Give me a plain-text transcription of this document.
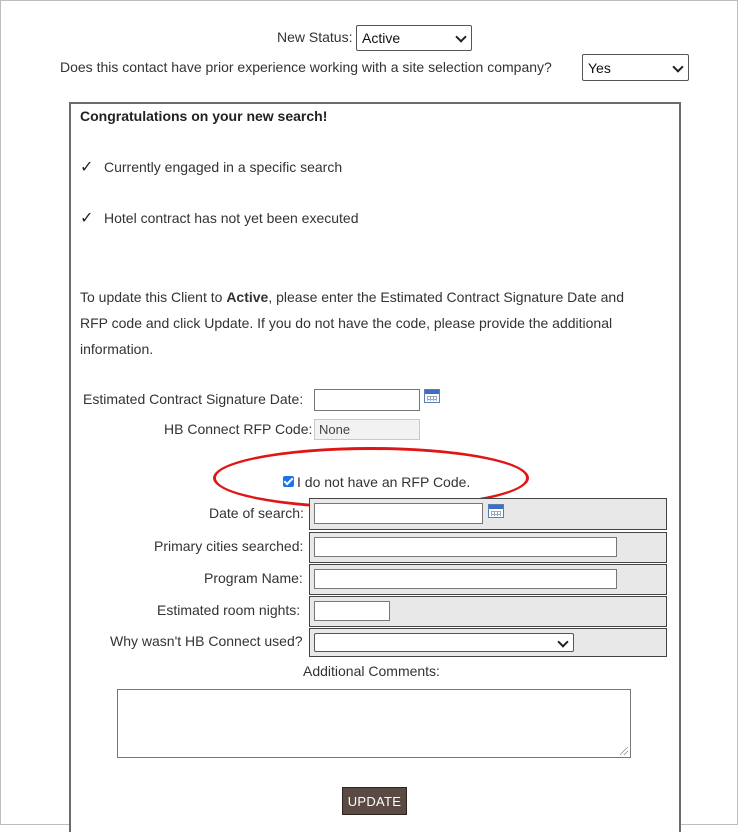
New Status: Active
Does this contact have prior experience working with a site selection company?	Yes
Congratulations on your new search!
✓ Currently engaged in a specific search
✓ Hotel contract has not yet been executed
To update this Client to Active, please enter the Estimated Contract Signature Date and RFP code and click Update. If you do not have the code, please provide the additional information.
Estimated Contract Signature Date:
HB Connect RFP Code: None
I do not have an RFP Code.
Date of search:
Primary cities searched:
Program Name:
Estimated room nights:
Why wasn't HB Connect used?
Additional Comments:
UPDATE
